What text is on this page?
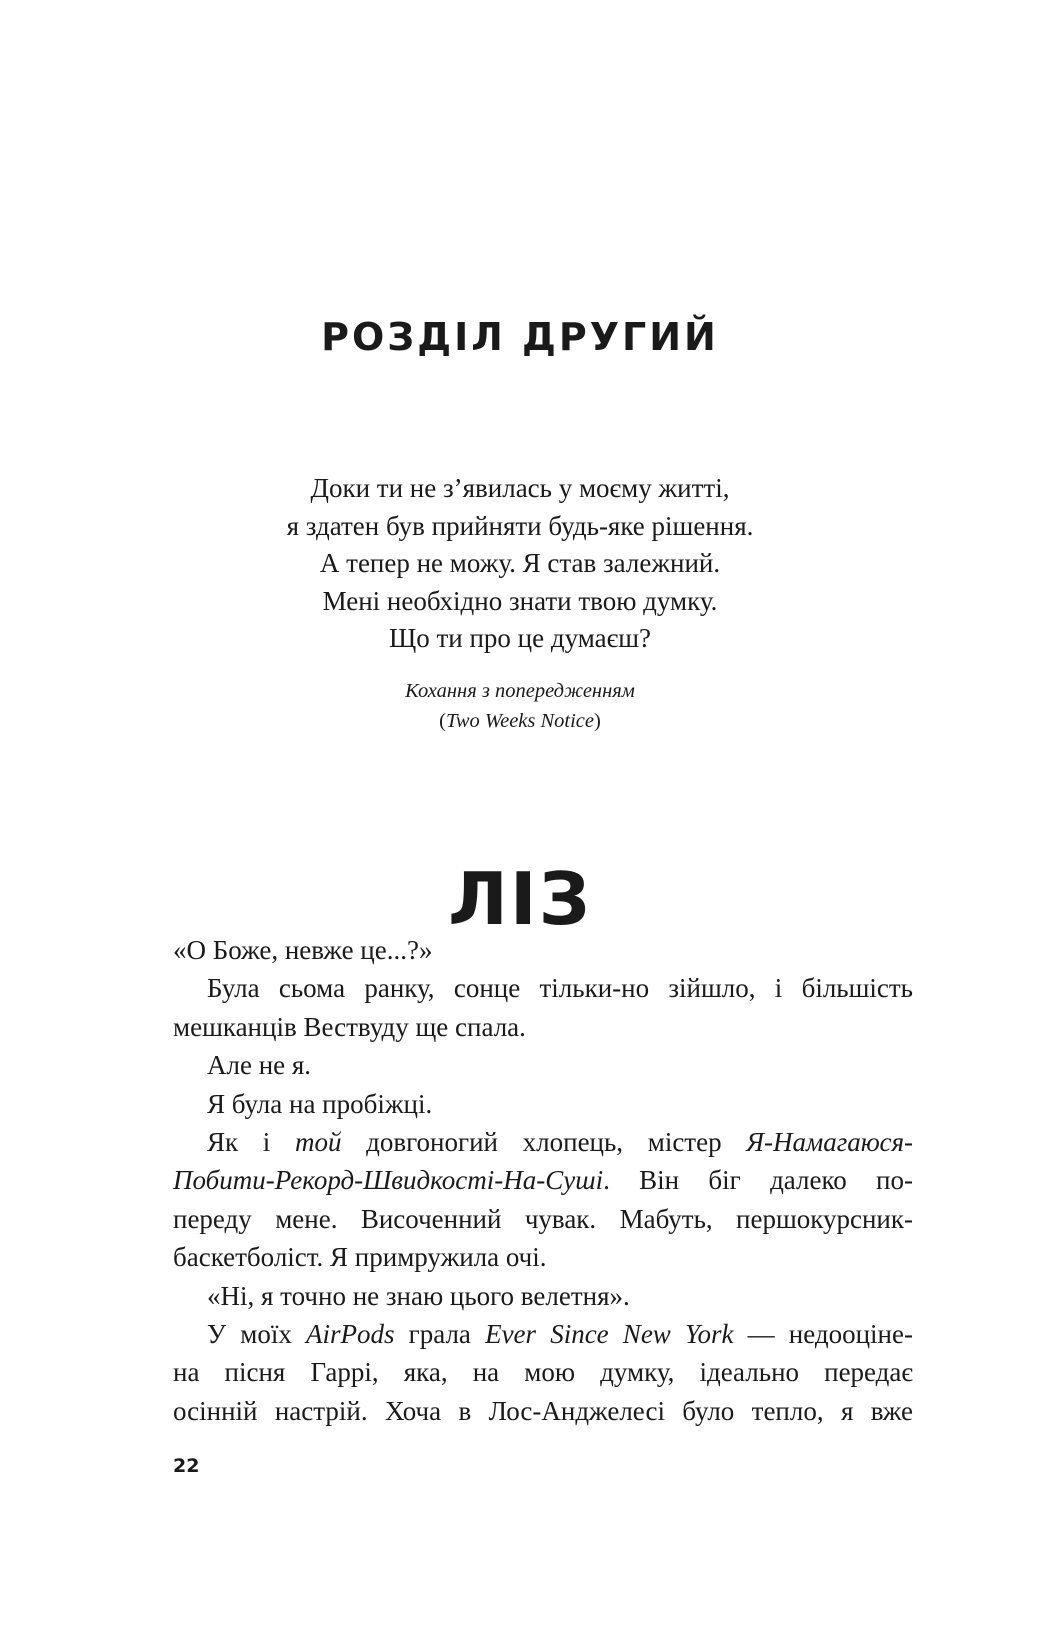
РОЗДІЛ ДРУГИЙ
Доки ти не з’явилась у моєму житті,
я здатен був прийняти будь-яке рішення.
А тепер не можу. Я став залежний.
Мені необхідно знати твою думку.
Що ти про це думаєш?
Кохання з попередженням
(Two Weeks Notice)
ЛІЗ
«О Боже, невже це...?»
Була сьома ранку, сонце тільки-но зійшло, і більшість
мешканців Вествуду ще спала.
Але не я.
Я була на пробіжці.
Як і той довгоногий хлопець, містер Я-Намагаюся-
Побити-Рекорд-Швидкості-На-Суші. Він біг далеко по-
переду мене. Височенний чувак. Мабуть, першокурсник-
баскетболіст. Я примружила очі.
«Ні, я точно не знаю цього велетня».
У моїх AirPods грала Ever Since New York — недооціне-
на пісня Гаррі, яка, на мою думку, ідеально передає
осінній настрій. Хоча в Лос-Анджелесі було тепло, я вже
22
